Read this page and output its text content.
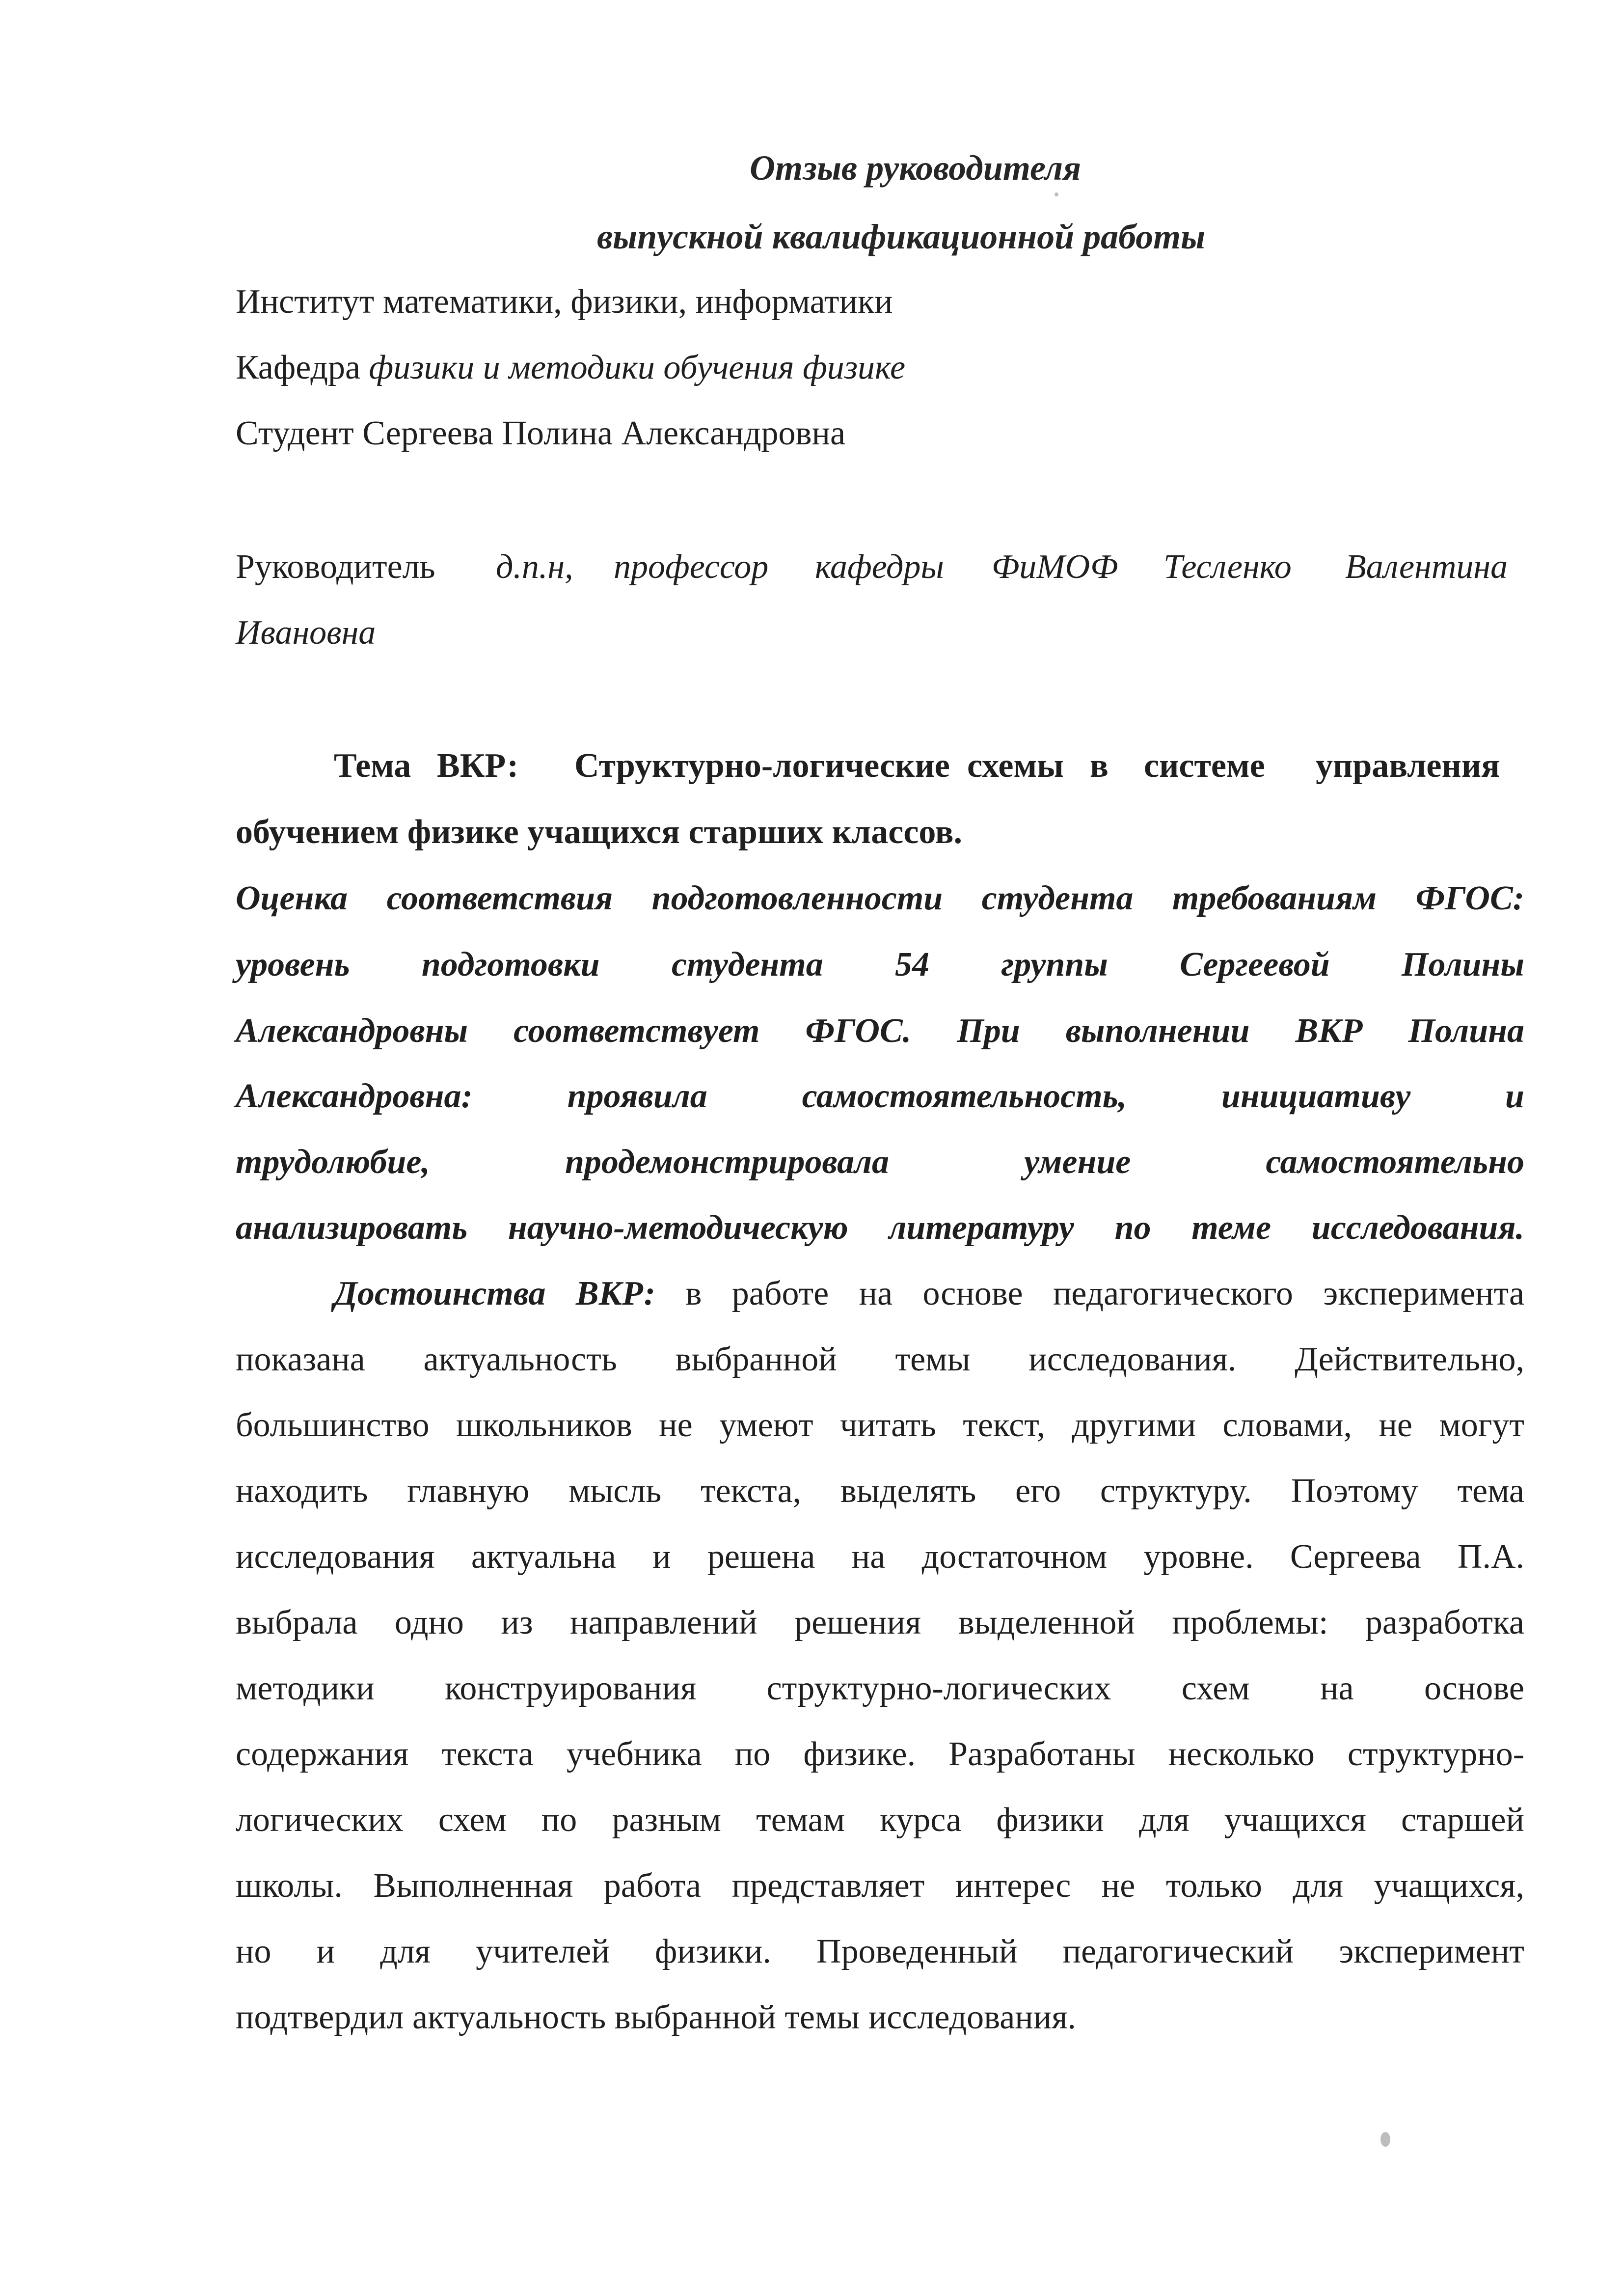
Отзыв руководителя
выпускной квалификационной работы
Институт математики, физики, информатики
Кафедра физики и методики обучения физике
Студент Сергеева Полина Александровна
Руководитель д.п.н, профессор кафедры ФиМОФ Тесленко Валентина
Ивановна
Тема ВКР: Структурно-логические схемы в системе управления
обучением физике учащихся старших классов.
Оценка соответствия подготовленности студента требованиям ФГОС:
уровень подготовки студента 54 группы Сергеевой Полины
Александровны соответствует ФГОС. При выполнении ВКР Полина
Александровна: проявила самостоятельность, инициативу и
трудолюбие, продемонстрировала умение самостоятельно
анализировать научно-методическую литературу по теме исследования.
Достоинства ВКР: в работе на основе педагогического эксперимента
показана актуальность выбранной темы исследования. Действительно,
большинство школьников не умеют читать текст, другими словами, не могут
находить главную мысль текста, выделять его структуру. Поэтому тема
исследования актуальна и решена на достаточном уровне. Сергеева П.А.
выбрала одно из направлений решения выделенной проблемы: разработка
методики конструирования структурно-логических схем на основе
содержания текста учебника по физике. Разработаны несколько структурно-
логических схем по разным темам курса физики для учащихся старшей
школы. Выполненная работа представляет интерес не только для учащихся,
но и для учителей физики. Проведенный педагогический эксперимент
подтвердил актуальность выбранной темы исследования.
